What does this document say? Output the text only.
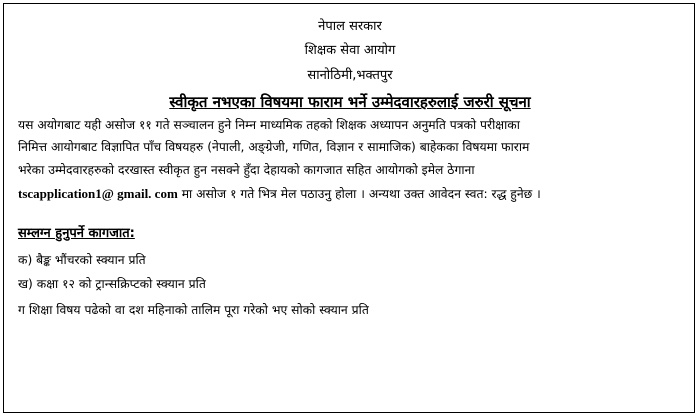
नेपाल सरकार
शिक्षक सेवा आयोग
सानोठिमी,भक्तपुर
स्वीकृत नभएका विषयमा फाराम भर्ने उम्मेदवारहरुलाई जरुरी सूचना
यस अयोगबाट यही असोज ११ गते सञ्चालन हुने निम्न माध्यमिक तहको शिक्षक अध्यापन अनुमति पत्रको परीक्षाका
निमित्त आयोगबाट विज्ञापित पाँच विषयहरु (नेपाली, अङ्ग्रेजी, गणित, विज्ञान र सामाजिक) बाहेकका विषयमा फाराम
भरेका उम्मेदवारहरुको दरखास्त स्वीकृत हुन नसक्ने हुँदा देहायको कागजात सहित आयोगको इमेल ठेगाना
tscapplication1@ gmail. com मा असोज १ गते भित्र मेल पठाउनु होला । अन्यथा उक्त आवेदन स्वत: रद्ध हुनेछ ।
सम्लग्न हुनुपर्ने कागजात:
क) बैङ्क भौंचरको स्क्यान प्रति
ख) कक्षा १२ को ट्रान्सक्रिप्टको स्क्यान प्रति
ग शिक्षा विषय पढेको वा दश महिनाको तालिम पूरा गरेको भए सोको स्क्यान प्रति
